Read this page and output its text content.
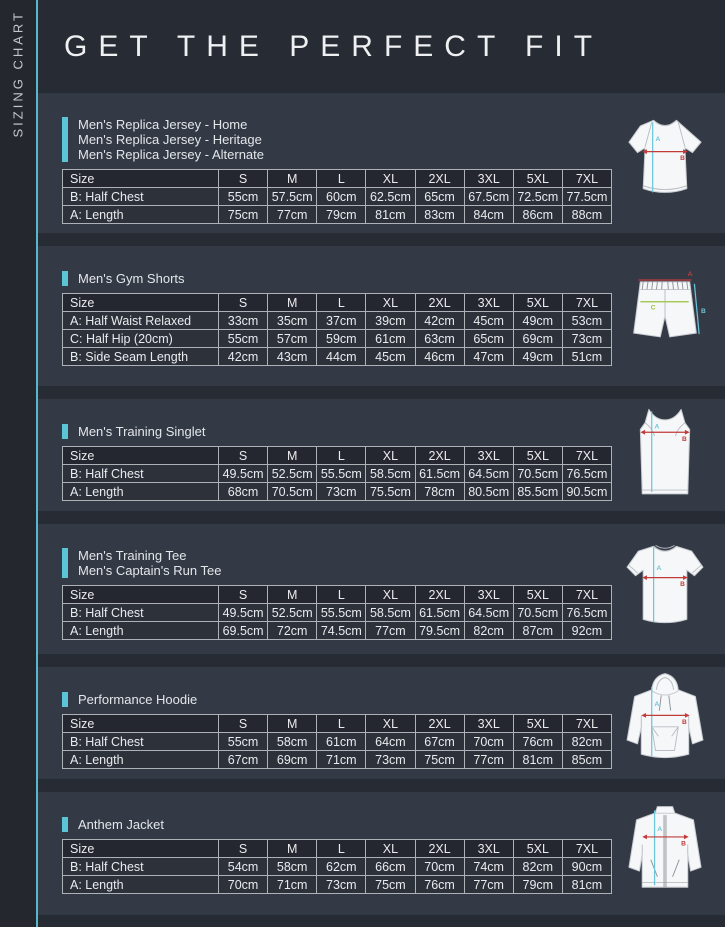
SIZING CHART GET THE PERFECT FIT
Men's Replica Jersey - Home
Men's Replica Jersey - Heritage
Men's Replica Jersey - Alternate
Size	S	M	L	XL	2XL	3XL	5XL	7XL
B: Half Chest	55cm	57.5cm	60cm	62.5cm	65cm	67.5cm	72.5cm	77.5cm
A: Length	75cm	77cm	79cm	81cm	83cm	84cm	86cm	88cm
A
B
Men's Gym Shorts
Size	S	M	L	XL	2XL	3XL	5XL	7XL
A: Half Waist Relaxed	33cm	35cm	37cm	39cm	42cm	45cm	49cm	53cm
C: Half Hip (20cm)	55cm	57cm	59cm	61cm	63cm	65cm	69cm	73cm
B: Side Seam Length	42cm	43cm	44cm	45cm	46cm	47cm	49cm	51cm
A
C
B
Men's Training Singlet
Size	S	M	L	XL	2XL	3XL	5XL	7XL
B: Half Chest	49.5cm	52.5cm	55.5cm	58.5cm	61.5cm	64.5cm	70.5cm	76.5cm
A: Length	68cm	70.5cm	73cm	75.5cm	78cm	80.5cm	85.5cm	90.5cm
A
B
Men's Training Tee
Men's Captain's Run Tee
Size	S	M	L	XL	2XL	3XL	5XL	7XL
B: Half Chest	49.5cm	52.5cm	55.5cm	58.5cm	61.5cm	64.5cm	70.5cm	76.5cm
A: Length	69.5cm	72cm	74.5cm	77cm	79.5cm	82cm	87cm	92cm
A
B
Performance Hoodie
Size	S	M	L	XL	2XL	3XL	5XL	7XL
B: Half Chest	55cm	58cm	61cm	64cm	67cm	70cm	76cm	82cm
A: Length	67cm	69cm	71cm	73cm	75cm	77cm	81cm	85cm
A
B
Anthem Jacket
Size	S	M	L	XL	2XL	3XL	5XL	7XL
B: Half Chest	54cm	58cm	62cm	66cm	70cm	74cm	82cm	90cm
A: Length	70cm	71cm	73cm	75cm	76cm	77cm	79cm	81cm
A
B
